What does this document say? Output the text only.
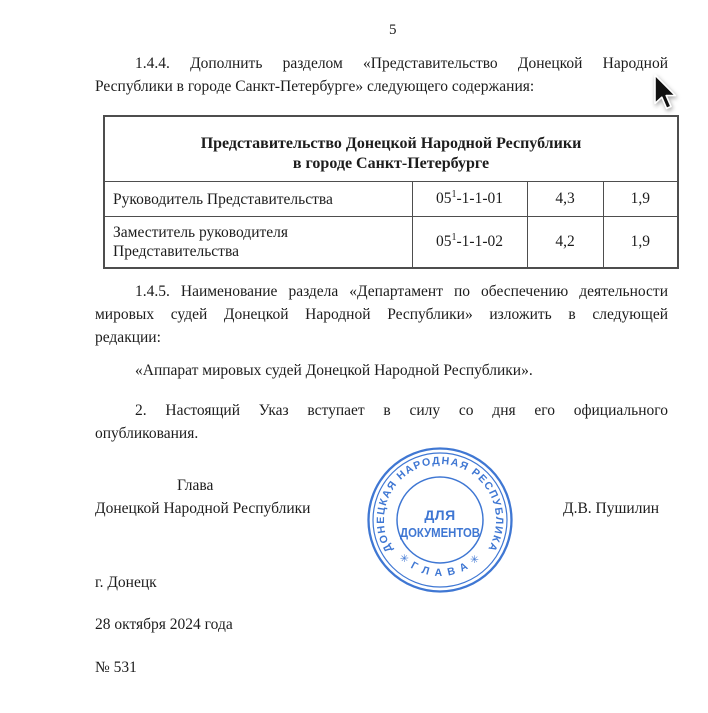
5
1.4.4. Дополнить разделом «Представительство Донецкой Народной
Республики в городе Санкт-Петербурге» следующего содержания:
Представительство Донецкой Народной Республики
в городе Санкт-Петербурге			

Руководитель Представительства	$05^1-1-1-01$	4,3	1,9
Заместитель руководителя Представительства	$05^1-1-1-02$	4,2	1,9
1.4.5. Наименование раздела «Департамент по обеспечению деятельности
мировых судей Донецкой Народной Республики» изложить в следующей
редакции:
«Аппарат мировых судей Донецкой Народной Республики».
2. Настоящий Указ вступает в силу со дня его официального
опубликования.
Глава
Донецкой Народной Республики	Д.В. Пушилин
ДОНЕЦКАЯ НАРОДНАЯ РЕСПУБЛИКА
✳ Г Л А В А ✳
ДЛЯ
ДОКУМЕНТОВ
г. Донецк
28 октября 2024 года
№ 531
